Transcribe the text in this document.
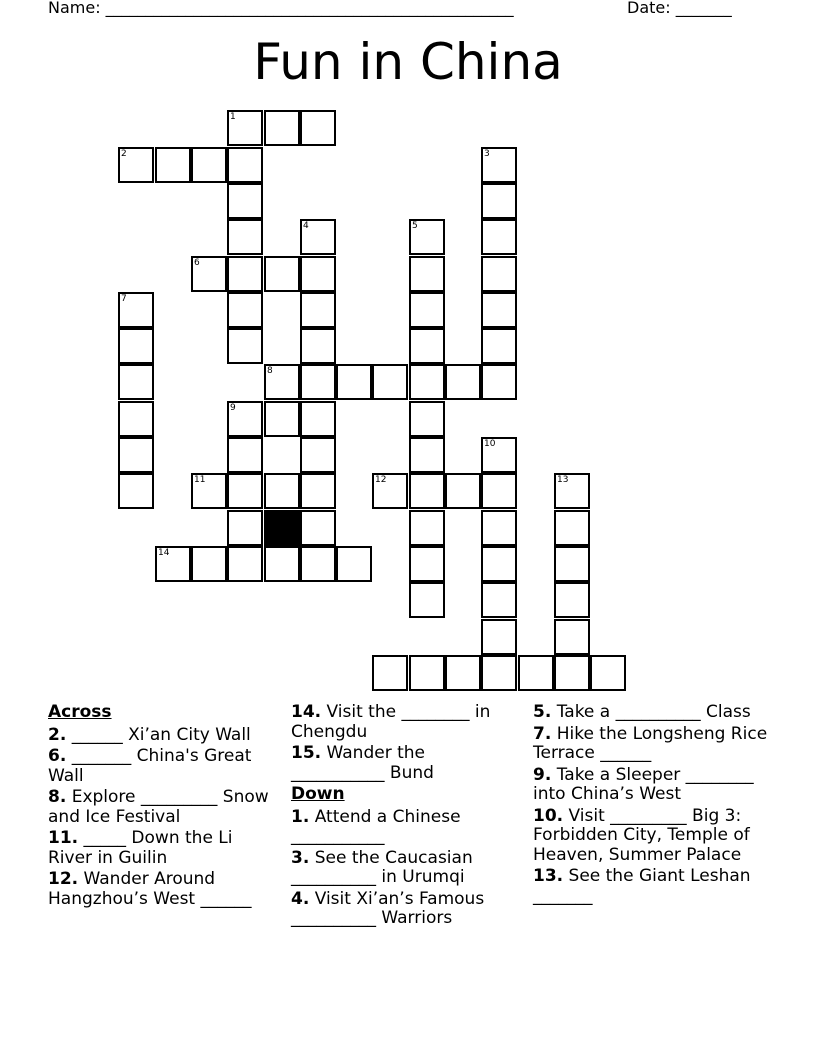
Name: ___________________________________________________	Date: _______
Fun in China
1
2	3
4	5
6
7
8
9
10
11	12	13
14

Across

2. ______ Xi’an City Wall

6. _______ China's Great Wall

8. Explore _________ Snow and Ice Festival

11. _____ Down the Li River in Guilin

12. Wander Around Hangzhou’s West ______

14. Visit the ________ in Chengdu

15. Wander the ___________ Bund

Down

1. Attend a Chinese ___________

3. See the Caucasian __________ in Urumqi

4. Visit Xi’an’s Famous __________ Warriors

5. Take a __________ Class

7. Hike the Longsheng Rice Terrace ______

9. Take a Sleeper ________ into China’s West

10. Visit _________ Big 3: Forbidden City, Temple of Heaven, Summer Palace

13. See the Giant Leshan _______
